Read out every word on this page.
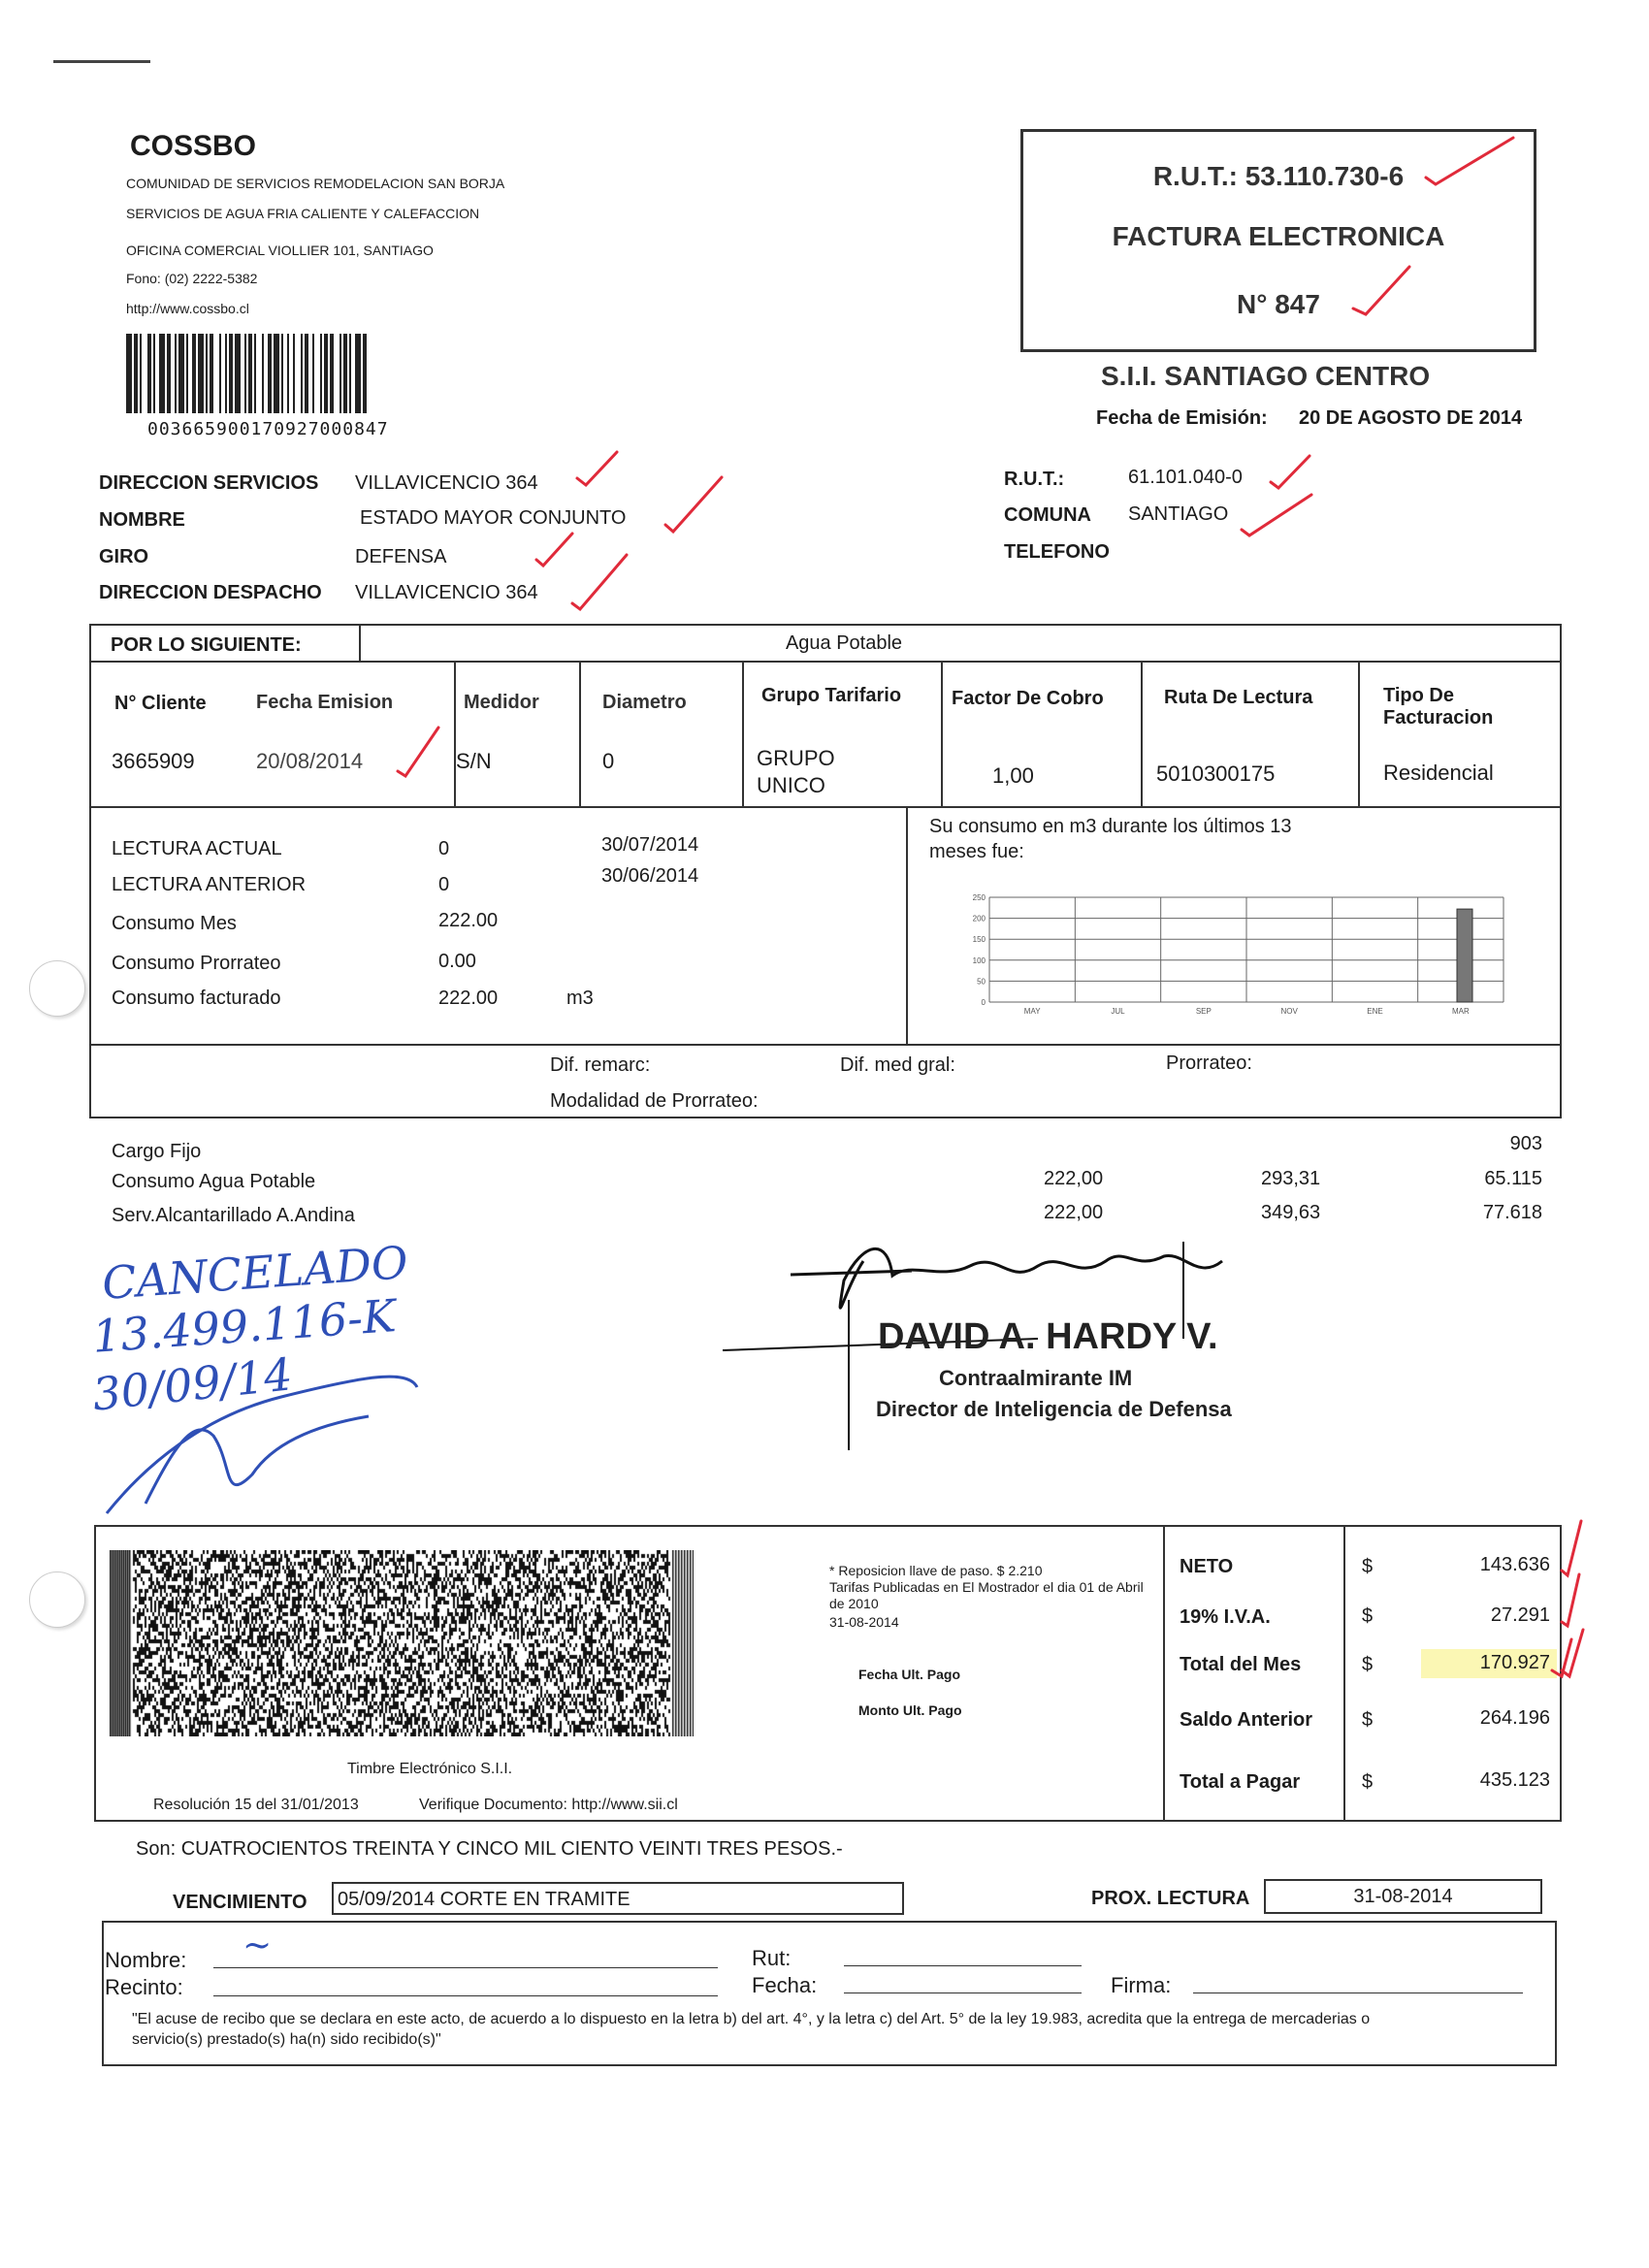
COSSBO
COMUNIDAD DE SERVICIOS REMODELACION SAN BORJA
SERVICIOS DE AGUA FRIA CALIENTE Y CALEFACCION
OFICINA COMERCIAL VIOLLIER 101, SANTIAGO
Fono: (02) 2222-5382
http://www.cossbo.cl
003665900170927000847
R.U.T.: 53.110.730-6
FACTURA ELECTRONICA
N° 847
S.I.I. SANTIAGO CENTRO
Fecha de Emisión: 20 DE AGOSTO DE 2014
DIRECCION SERVICIOS VILLAVICENCIO 364
NOMBRE	ESTADO MAYOR CONJUNTO
GIRO	DEFENSA
DIRECCION DESPACHO VILLAVICENCIO 364
R.U.T.:	61.101.040-0
COMUNA SANTIAGO
TELEFONO
POR LO SIGUIENTE:	Agua Potable
N° Cliente	Fecha Emision	Medidor	Diametro	Grupo Tarifario	Factor De Cobro	Ruta De Lectura	Tipo De Facturacion
3665909	20/08/2014	S/N	0	GRUPO UNICO	1,00	5010300175	Residencial
LECTURA ACTUAL	0	30/07/2014
LECTURA ANTERIOR	0	30/06/2014
Consumo Mes	222.00
Consumo Prorrateo	0.00
Consumo facturado	222.00	m3
Su consumo en m3 durante los últimos 13 meses fue:
250
200
150
100
50
0
MAY	JUL	SEP	NOV	ENE	MAR
Dif. remarc:	Dif. med gral:	Prorrateo:
Modalidad de Prorrateo:
Cargo Fijo	903
Consumo Agua Potable	222,00	293,31	65.115
Serv.Alcantarillado A.Andina	222,00	349,63	77.618
CANCELADO
13.499.116-K
30/09/14
DAVID A. HARDY V.
Contraalmirante IM
Director de Inteligencia de Defensa
Timbre Electrónico S.I.I.
Resolución 15 del 31/01/2013	Verifique Documento: http://www.sii.cl
* Reposicion llave de paso. $ 2.210
Tarifas Publicadas en El Mostrador el dia 01 de Abril de 2010
31-08-2014
Fecha Ult. Pago
Monto Ult. Pago
NETO	$	143.636
19% I.V.A.	$	27.291
Total del Mes	$	170.927
Saldo Anterior	$	264.196
Total a Pagar	$	435.123
Son: CUATROCIENTOS TREINTA Y CINCO MIL CIENTO VEINTI TRES PESOS.-
VENCIMIENTO 05/09/2014 CORTE EN TRAMITE	PROX. LECTURA	31-08-2014
Nombre: ~
Recinto:
Rut:
Fecha:	Firma:
"El acuse de recibo que se declara en este acto, de acuerdo a lo dispuesto en la letra b) del art. 4°, y la letra c) del Art. 5° de la ley 19.983, acredita que la entrega de mercaderias o servicio(s) prestado(s) ha(n) sido recibido(s)"
